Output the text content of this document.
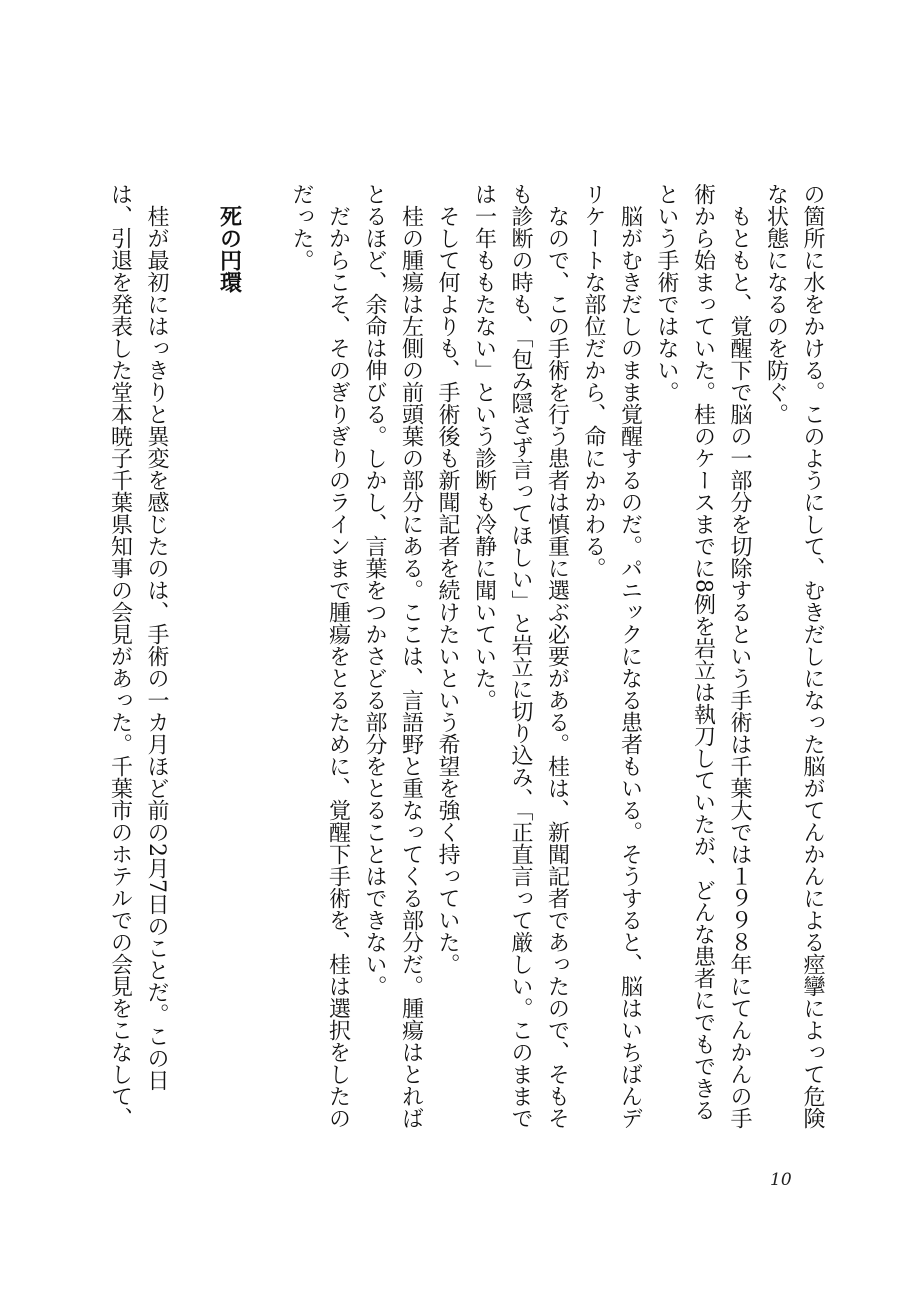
の箇所に水をかける。このようにして、むきだしになった脳がてんかんによる痙攣によって危険な状態になるのを防ぐ。

もともと、覚醒下で脳の一部分を切除するという手術は千葉大では１９９８年にてんかんの手術から始まっていた。桂のケースまでに8例を岩立は執刀していたが、どんな患者にでもできるという手術ではない。

脳がむきだしのまま覚醒するのだ。パニックになる患者もいる。そうすると、脳はいちばんデリケートな部位だから、命にかかわる。

なので、この手術を行う患者は慎重に選ぶ必要がある。桂は、新聞記者であったので、そもそも診断の時も、「包み隠さず言ってほしい」と岩立に切り込み、「正直言って厳しい。このままでは一年ももたない」という診断も冷静に聞いていた。

そして何よりも、手術後も新聞記者を続けたいという希望を強く持っていた。

桂の腫瘍は左側の前頭葉の部分にある。ここは、言語野と重なってくる部分だ。腫瘍はとればとるほど、余命は伸びる。しかし、言葉をつかさどる部分をとることはできない。

だからこそ、そのぎりぎりのラインまで腫瘍をとるために、覚醒下手術を、桂は選択をしたのだった。

死の円環

桂が最初にはっきりと異変を感じたのは、手術の一カ月ほど前の2月7日のことだ。この日は、引退を発表した堂本暁子千葉県知事の会見があった。千葉市のホテルでの会見をこなして、

10
